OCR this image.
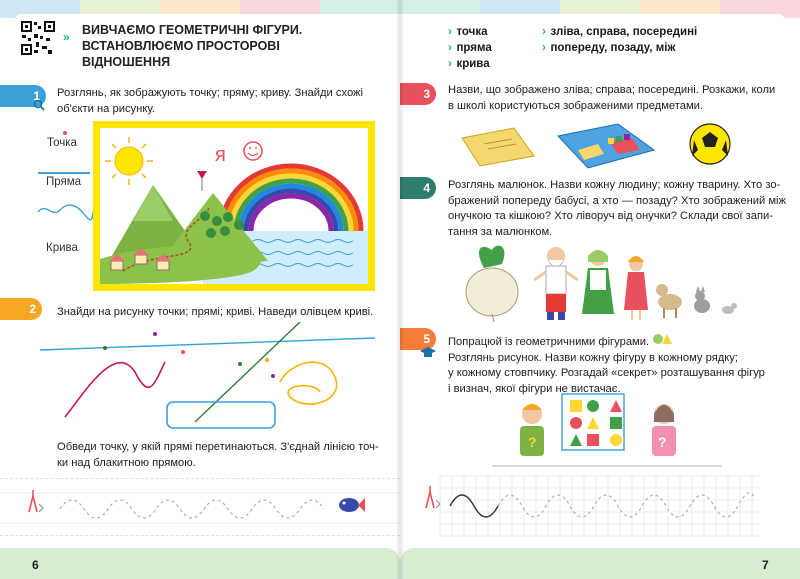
» ВИВЧАЄМО ГЕОМЕТРИЧНІ ФІГУРИ.
ВСТАНОВЛЮЄМО ПРОСТОРОВІ
ВІДНОШЕННЯ
1	Розглянь, як зображують точку; пряму; криву. Знайди схожі
об'єкти на рисунку.
Точка
Пряма
Крива
я
2	Знайди на рисунку точки; прямі; криві. Наведи олівцем криві.
Обведи точку, у якій прямі перетинаються. З'єднай лінією точ-
ки над блакитною прямою.
6
› точка
› пряма
› крива
› зліва, справа, посередині
› попереду, позаду, між
3	Назви, що зображено зліва; справа; посередині. Розкажи, коли
в школі користуються зображеними предметами.
4	Розглянь малюнок. Назви кожну людину; кожну тварину. Хто зо-
бражений попереду бабусі, а хто — позаду? Хто зображений між
онучкою та кішкою? Хто ліворуч від онучки? Склади свої запи-
тання за малюнком.
5	Попрацюй із геометричними фігурами.
Розглянь рисунок. Назви кожну фігуру в кожному рядку;
у кожному стовпчику. Розгадай «секрет» розташування фігур
і визнач, якої фігури не вистачає.
?	?
7
